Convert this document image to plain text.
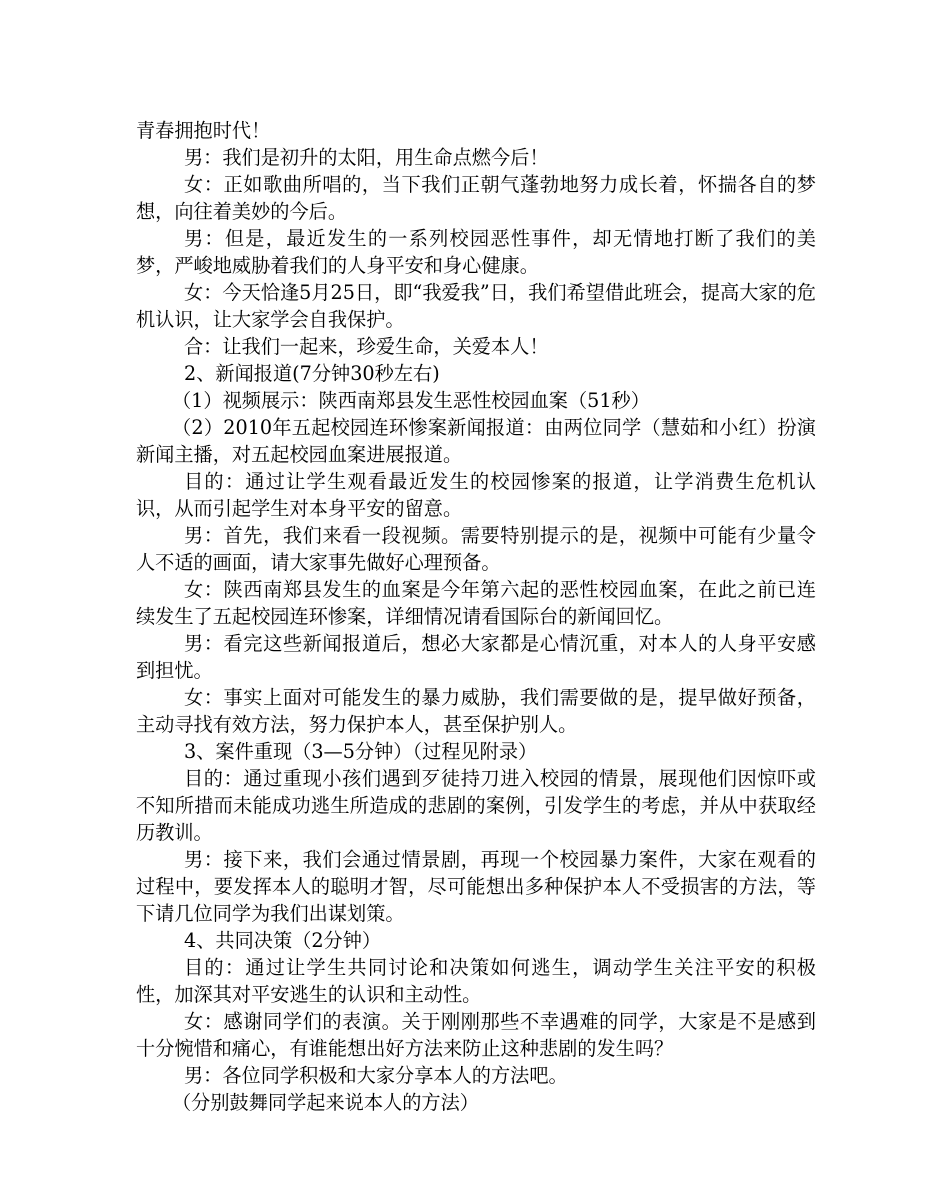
青春拥抱时代！

男：我们是初升的太阳，用生命点燃今后！

女：正如歌曲所唱的，当下我们正朝气蓬勃地努力成长着，怀揣各自的梦想，向往着美妙的今后。

男：但是，最近发生的一系列校园恶性事件，却无情地打断了我们的美梦，严峻地威胁着我们的人身平安和身心健康。

女：今天恰逢5月25日，即“我爱我”日，我们希望借此班会，提高大家的危机认识，让大家学会自我保护。

合：让我们一起来，珍爱生命，关爱本人！

2、新闻报道(7分钟30秒左右)

（1）视频展示：陕西南郑县发生恶性校园血案（51秒）

（2）2010年五起校园连环惨案新闻报道：由两位同学（慧茹和小红）扮演新闻主播，对五起校园血案进展报道。

目的：通过让学生观看最近发生的校园惨案的报道，让学消费生危机认识，从而引起学生对本身平安的留意。

男：首先，我们来看一段视频。需要特别提示的是，视频中可能有少量令人不适的画面，请大家事先做好心理预备。

女：陕西南郑县发生的血案是今年第六起的恶性校园血案，在此之前已连续发生了五起校园连环惨案，详细情况请看国际台的新闻回忆。

男：看完这些新闻报道后，想必大家都是心情沉重，对本人的人身平安感到担忧。

女：事实上面对可能发生的暴力威胁，我们需要做的是，提早做好预备，主动寻找有效方法，努力保护本人，甚至保护别人。

3、案件重现（3—5分钟）（过程见附录）

目的：通过重现小孩们遇到歹徒持刀进入校园的情景，展现他们因惊吓或不知所措而未能成功逃生所造成的悲剧的案例，引发学生的考虑，并从中获取经历教训。

男：接下来，我们会通过情景剧，再现一个校园暴力案件，大家在观看的过程中，要发挥本人的聪明才智，尽可能想出多种保护本人不受损害的方法，等下请几位同学为我们出谋划策。

4、共同决策（2分钟）

目的：通过让学生共同讨论和决策如何逃生，调动学生关注平安的积极性，加深其对平安逃生的认识和主动性。

女：感谢同学们的表演。关于刚刚那些不幸遇难的同学，大家是不是感到十分惋惜和痛心，有谁能想出好方法来防止这种悲剧的发生吗？

男：各位同学积极和大家分享本人的方法吧。

（分别鼓舞同学起来说本人的方法）
